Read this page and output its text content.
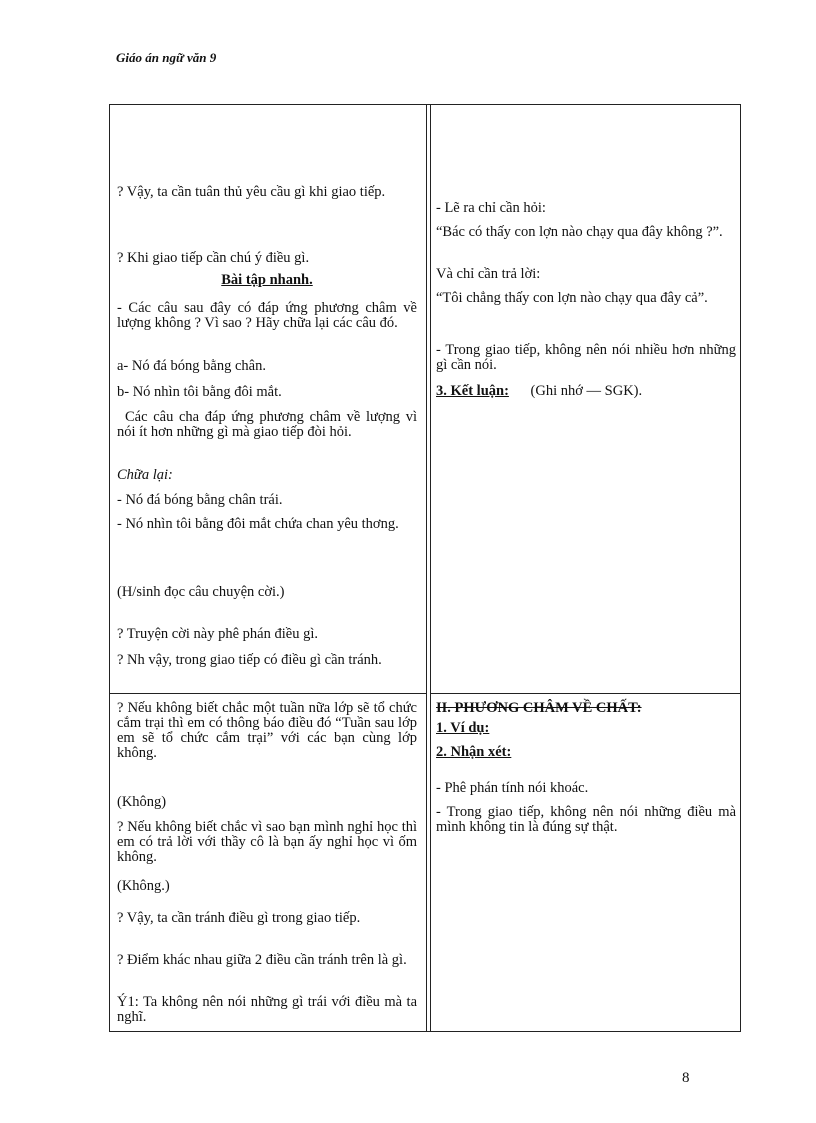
Giáo án ngữ văn 9
? Vậy, ta cần tuân thủ yêu cầu gì khi giao tiếp.
? Khi giao tiếp cần chú ý điều gì.
Bài tập nhanh.
- Các câu sau đây có đáp ứng phương châm về lượng không ? Vì sao ? Hãy chữa lại các câu đó.
a- Nó đá bóng bằng chân.
b- Nó nhìn tôi bằng đôi mắt.
Các câu cha đáp ứng phương châm về lượng vì nói ít hơn những gì mà giao tiếp đòi hỏi.
Chữa lại:
- Nó đá bóng bằng chân trái.
- Nó nhìn tôi bằng đôi mắt chứa chan yêu thơng.
(H/sinh đọc câu chuyện cời.)
? Truyện cời này phê phán điều gì.
? Nh vậy, trong giao tiếp có điều gì cần tránh.
? Nếu không biết chắc một tuần nữa lớp sẽ tổ chức cắm trại thì em có thông báo điều đó “Tuần sau lớp em sẽ tổ chức cắm trại” với các bạn cùng lớp không.
(Không)
? Nếu không biết chắc vì sao bạn mình nghỉ học thì em có trả lời với thầy cô là bạn ấy nghỉ học vì ốm không.
(Không.)
? Vậy, ta cần tránh điều gì trong giao tiếp.
? Điểm khác nhau giữa 2 điều cần tránh trên là gì.
Ý1: Ta không nên nói những gì trái với điều mà ta nghĩ.
- Lẽ ra chỉ cần hỏi:
“Bác có thấy con lợn nào chạy qua đây không ?”.
Và chỉ cần trả lời:
“Tôi chẳng thấy con lợn nào chạy qua đây cả”.
- Trong giao tiếp, không nên nói nhiều hơn những gì cần nói.
3. Kết luận: (Ghi nhớ — SGK).
II. PHƯƠNG CHÂM VỀ CHẤT:
1. Ví dụ:
2. Nhận xét:
- Phê phán tính nói khoác.
- Trong giao tiếp, không nên nói những điều mà mình không tin là đúng sự thật.
8
